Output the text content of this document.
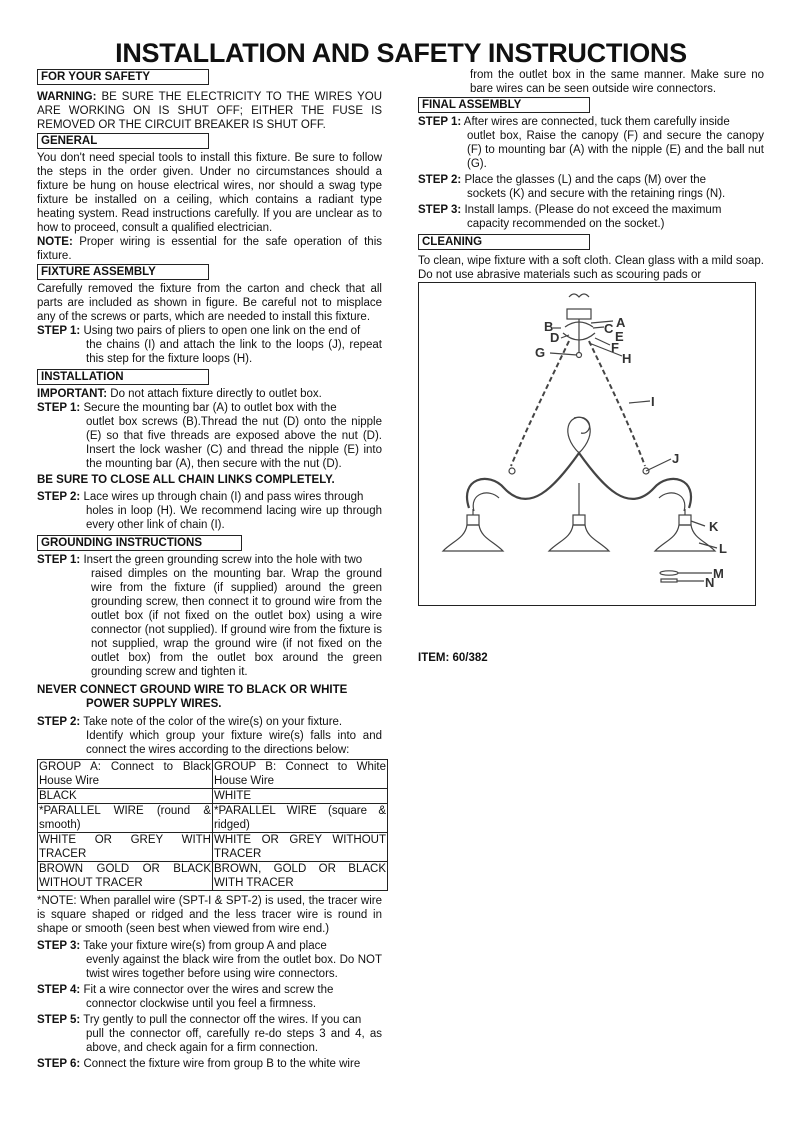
INSTALLATION AND SAFETY INSTRUCTIONS
FOR YOUR SAFETY

WARNING: BE SURE THE ELECTRICITY TO THE WIRES YOU ARE WORKING ON IS SHUT OFF; EITHER THE FUSE IS REMOVED OR THE CIRCUIT BREAKER IS SHUT OFF.

GENERAL

You don't need special tools to install this fixture. Be sure to follow the steps in the order given. Under no circumstances should a fixture be hung on house electrical wires, nor should a swag type fixture be installed on a ceiling, which contains a radiant type heating system. Read instructions carefully. If you are unclear as to how to proceed, consult a qualified electrician.

NOTE: Proper wiring is essential for the safe operation of this fixture.

FIXTURE ASSEMBLY

Carefully removed the fixture from the carton and check that all parts are included as shown in figure. Be careful not to misplace any of the screws or parts, which are needed to install this fixture.

STEP 1: Using two pairs of pliers to open one link on the end of
the chains (I) and attach the link to the loops (J), repeat this step for the fixture loops (H).
INSTALLATION

IMPORTANT: Do not attach fixture directly to outlet box.

STEP 1: Secure the mounting bar (A) to outlet box with the
outlet box screws (B).Thread the nut (D) onto the nipple (E) so that five threads are exposed above the nut (D). Insert the lock washer (C) and thread the nipple (E) into the mounting bar (A), then secure with the nut (D).
BE SURE TO CLOSE ALL CHAIN LINKS COMPLETELY.
STEP 2: Lace wires up through chain (I) and pass wires through
holes in loop (H). We recommend lacing wire up through every other link of chain (I).
GROUNDING INSTRUCTIONS
STEP 1: Insert the green grounding screw into the hole with two
raised dimples on the mounting bar. Wrap the ground wire from the fixture (if supplied) around the green grounding screw, then connect it to ground wire from the outlet box (if not fixed on the outlet box) using a wire connector (not supplied). If ground wire from the fixture is not supplied, wrap the ground wire (if not fixed on the outlet box) from the outlet box around the green grounding screw and tighten it.
NEVER CONNECT GROUND WIRE TO BLACK OR WHITE
POWER SUPPLY WIRES.
STEP 2: Take note of the color of the wire(s) on your fixture.
Identify which group your fixture wire(s) falls into and connect the wires according to the directions below:
GROUP A: Connect to Black House Wire	GROUP B: Connect to White House Wire
BLACK	WHITE
*PARALLEL WIRE (round & smooth)	*PARALLEL WIRE (square & ridged)
WHITE OR GREY WITH TRACER	WHITE OR GREY WITHOUT TRACER
BROWN GOLD OR BLACK WITHOUT TRACER	BROWN, GOLD OR BLACK WITH TRACER

*NOTE: When parallel wire (SPT-I & SPT-2) is used, the tracer wire is square shaped or ridged and the less tracer wire is round in shape or smooth (seen best when viewed from wire end.)

STEP 3: Take your fixture wire(s) from group A and place
evenly against the black wire from the outlet box. Do NOT twist wires together before using wire connectors.
STEP 4: Fit a wire connector over the wires and screw the
connector clockwise until you feel a firmness.
STEP 5: Try gently to pull the connector off the wires. If you can
pull the connector off, carefully re-do steps 3 and 4, as above, and check again for a firm connection.
STEP 6: Connect the fixture wire from group B to the white wire

from the outlet box in the same manner. Make sure no bare wires can be seen outside wire connectors.

FINAL ASSEMBLY
STEP 1: After wires are connected, tuck them carefully inside
outlet box, Raise the canopy (F) and secure the canopy (F) to mounting bar (A) with the nipple (E) and the ball nut (G).
STEP 2: Place the glasses (L) and the caps (M) over the
sockets (K) and secure with the retaining rings (N).
STEP 3: Install lamps. (Please do not exceed the maximum
capacity recommended on the socket.)
CLEANING

To clean, wipe fixture with a soft cloth. Clean glass with a mild soap. Do not use abrasive materials such as scouring pads or

B
D
C A
E
F
G	H
I
J
K
L
M
N
ITEM: 60/382
